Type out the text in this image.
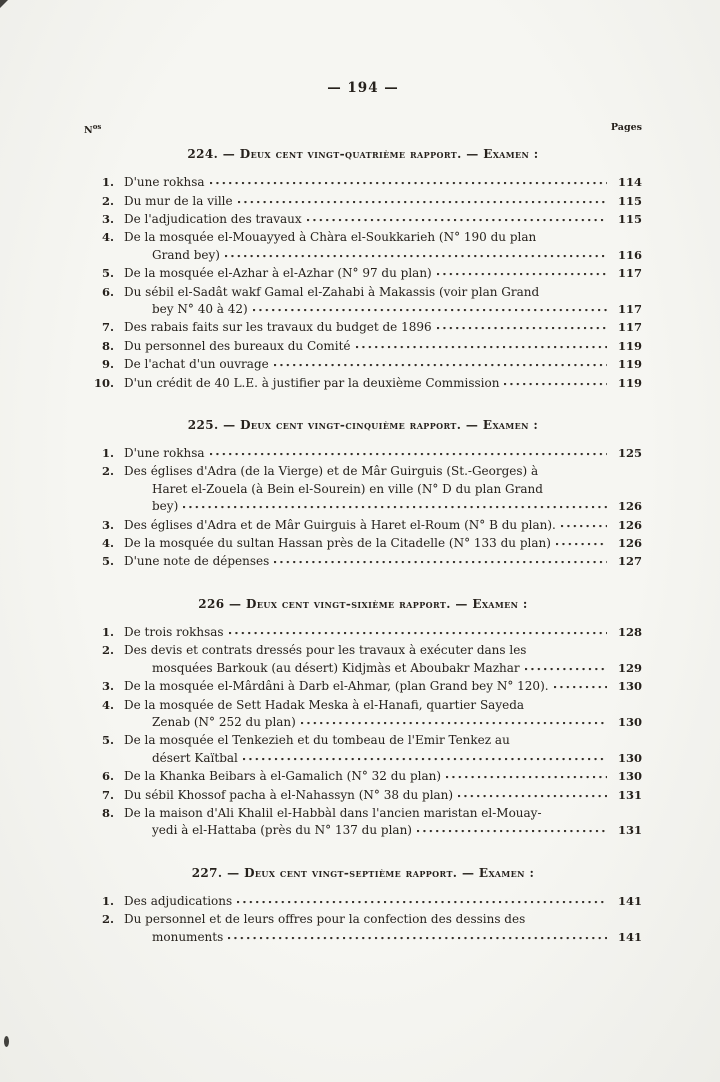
— 194 —
$N^{os}$	Pages
224. — Deux cent vingt-quatrième rapport. — Examen :
1. D'une rokhsa	114
2. Du mur de la ville	115
3. De l'adjudication des travaux	115
4. De la mosquée el-Mouayyed à Chàra el-Soukkarieh (N° 190 du plan
Grand bey)	116
5. De la mosquée el-Azhar à el-Azhar (N° 97 du plan)	117
6. Du sébil el-Sadât wakf Gamal el-Zahabi à Makassis (voir plan Grand
bey N° 40 à 42)	117
7. Des rabais faits sur les travaux du budget de 1896	117
8. Du personnel des bureaux du Comité	119
9. De l'achat d'un ouvrage	119
10. D'un crédit de 40 L.E. à justifier par la deuxième Commission	119
225. — Deux cent vingt-cinquième rapport. — Examen :
1. D'une rokhsa	125
2. Des églises d'Adra (de la Vierge) et de Mâr Guirguis (St.-Georges) à
Haret el-Zouela (à Bein el-Sourein) en ville (N° D du plan Grand
bey)	126
3. Des églises d'Adra et de Mâr Guirguis à Haret el-Roum (N° B du plan).	126
4. De la mosquée du sultan Hassan près de la Citadelle (N° 133 du plan)	126
5. D'une note de dépenses	127
226 — Deux cent vingt-sixième rapport. — Examen :
1. De trois rokhsas	128
2. Des devis et contrats dressés pour les travaux à exécuter dans les
mosquées Barkouk (au désert) Kidjmàs et Aboubakr Mazhar	129
3. De la mosquée el-Mârdâni à Darb el-Ahmar, (plan Grand bey N° 120).	130
4. De la mosquée de Sett Hadak Meska à el-Hanafi, quartier Sayeda
Zenab (N° 252 du plan)	130
5. De la mosquée el Tenkezieh et du tombeau de l'Emir Tenkez au
désert Kaïtbal	130
6. De la Khanka Beibars à el-Gamalich (N° 32 du plan)	130
7. Du sébil Khossof pacha à el-Nahassyn (N° 38 du plan)	131
8. De la maison d'Ali Khalil el-Habbàl dans l'ancien maristan el-Mouay-
yedi à el-Hattaba (près du N° 137 du plan)	131
227. — Deux cent vingt-septième rapport. — Examen :
1. Des adjudications	141
2. Du personnel et de leurs offres pour la confection des dessins des
monuments	141
